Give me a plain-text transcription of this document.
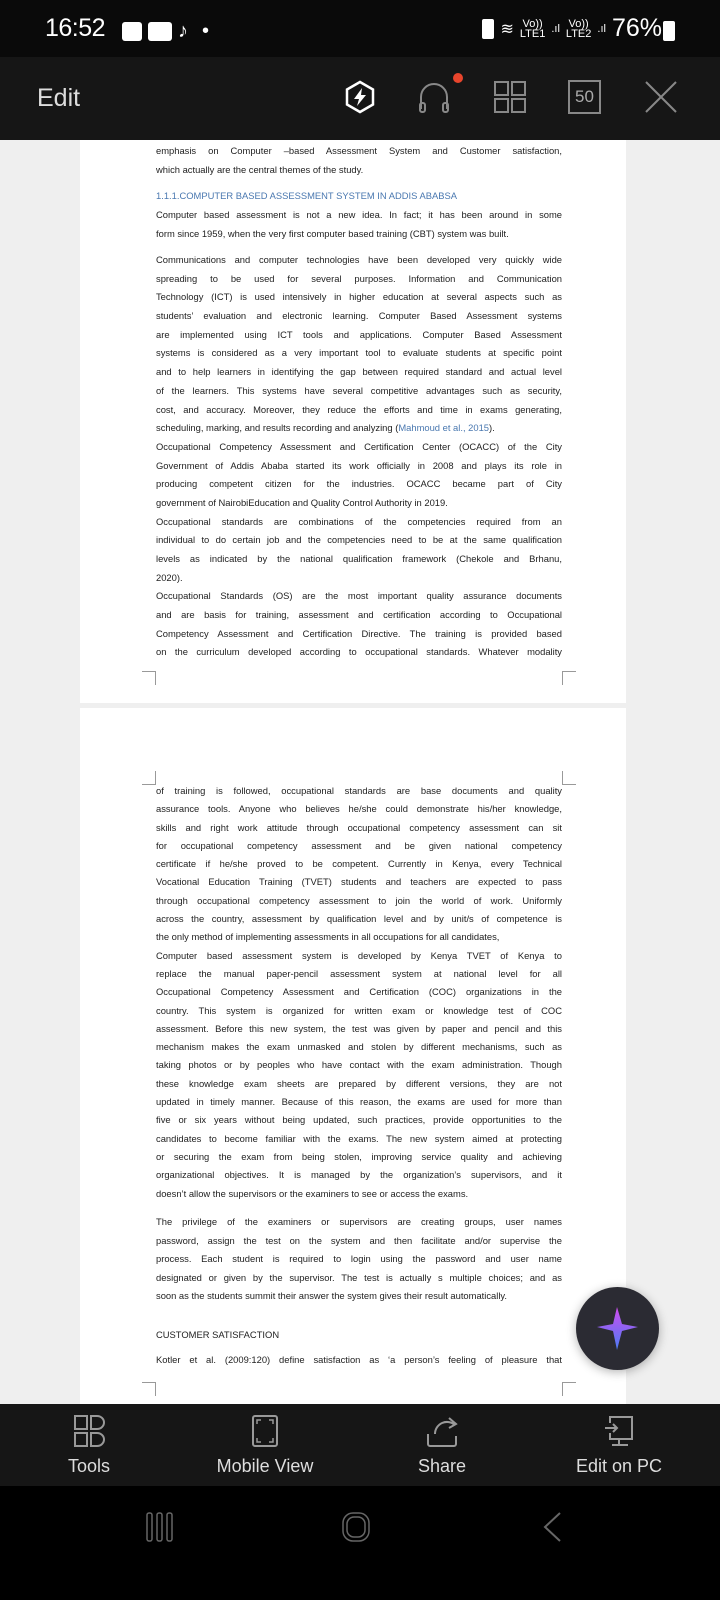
16:52	♪ •	≋ Vo))
LTE1 .ıl Vo))
LTE2 .ıl 76%
Edit	50
emphasis on Computer –based Assessment System and Customer satisfaction,
which actually are the central themes of the study.
1.1.1.COMPUTER BASED ASSESSMENT SYSTEM IN ADDIS ABABSA
Computer based assessment is not a new idea. In fact; it has been around in some
form since 1959, when the very first computer based training (CBT) system was built.
Communications and computer technologies have been developed very quickly wide
spreading to be used for several purposes. Information and Communication
Technology (ICT) is used intensively in higher education at several aspects such as
students’ evaluation and electronic learning. Computer Based Assessment systems
are implemented using ICT tools and applications. Computer Based Assessment
systems is considered as a very important tool to evaluate students at specific point
and to help learners in identifying the gap between required standard and actual level
of the learners. This systems have several competitive advantages such as security,
cost, and accuracy. Moreover, they reduce the efforts and time in exams generating,
scheduling, marking, and results recording and analyzing (Mahmoud et al., 2015).
Occupational Competency Assessment and Certification Center (OCACC) of the City
Government of Addis Ababa started its work officially in 2008 and plays its role in
producing competent citizen for the industries. OCACC became part of City
government of NairobiEducation and Quality Control Authority in 2019.
Occupational standards are combinations of the competencies required from an
individual to do certain job and the competencies need to be at the same qualification
levels as indicated by the national qualification framework (Chekole and Brhanu,
2020).
Occupational Standards (OS) are the most important quality assurance documents
and are basis for training, assessment and certification according to Occupational
Competency Assessment and Certification Directive. The training is provided based
on the curriculum developed according to occupational standards. Whatever modality
of training is followed, occupational standards are base documents and quality
assurance tools. Anyone who believes he/she could demonstrate his/her knowledge,
skills and right work attitude through occupational competency assessment can sit
for occupational competency assessment and be given national competency
certificate if he/she proved to be competent. Currently in Kenya, every Technical
Vocational Education Training (TVET) students and teachers are expected to pass
through occupational competency assessment to join the world of work. Uniformly
across the country, assessment by qualification level and by unit/s of competence is
the only method of implementing assessments in all occupations for all candidates,
Computer based assessment system is developed by Kenya TVET of Kenya to
replace the manual paper-pencil assessment system at national level for all
Occupational Competency Assessment and Certification (COC) organizations in the
country. This system is organized for written exam or knowledge test of COC
assessment. Before this new system, the test was given by paper and pencil and this
mechanism makes the exam unmasked and stolen by different mechanisms, such as
taking photos or by peoples who have contact with the exam administration. Though
these knowledge exam sheets are prepared by different versions, they are not
updated in timely manner. Because of this reason, the exams are used for more than
five or six years without being updated, such practices, provide opportunities to the
candidates to become familiar with the exams. The new system aimed at protecting
or securing the exam from being stolen, improving service quality and achieving
organizational objectives. It is managed by the organization’s supervisors, and it
doesn’t allow the supervisors or the examiners to see or access the exams.
The privilege of the examiners or supervisors are creating groups, user names
password, assign the test on the system and then facilitate and/or supervise the
process. Each student is required to login using the password and user name
designated or given by the supervisor. The test is actually s multiple choices; and as
soon as the students summit their answer the system gives their result automatically.
CUSTOMER SATISFACTION
Kotler et al. (2009:120) define satisfaction as ‘a person’s feeling of pleasure that
Tools	Mobile View	Share	Edit on PC
